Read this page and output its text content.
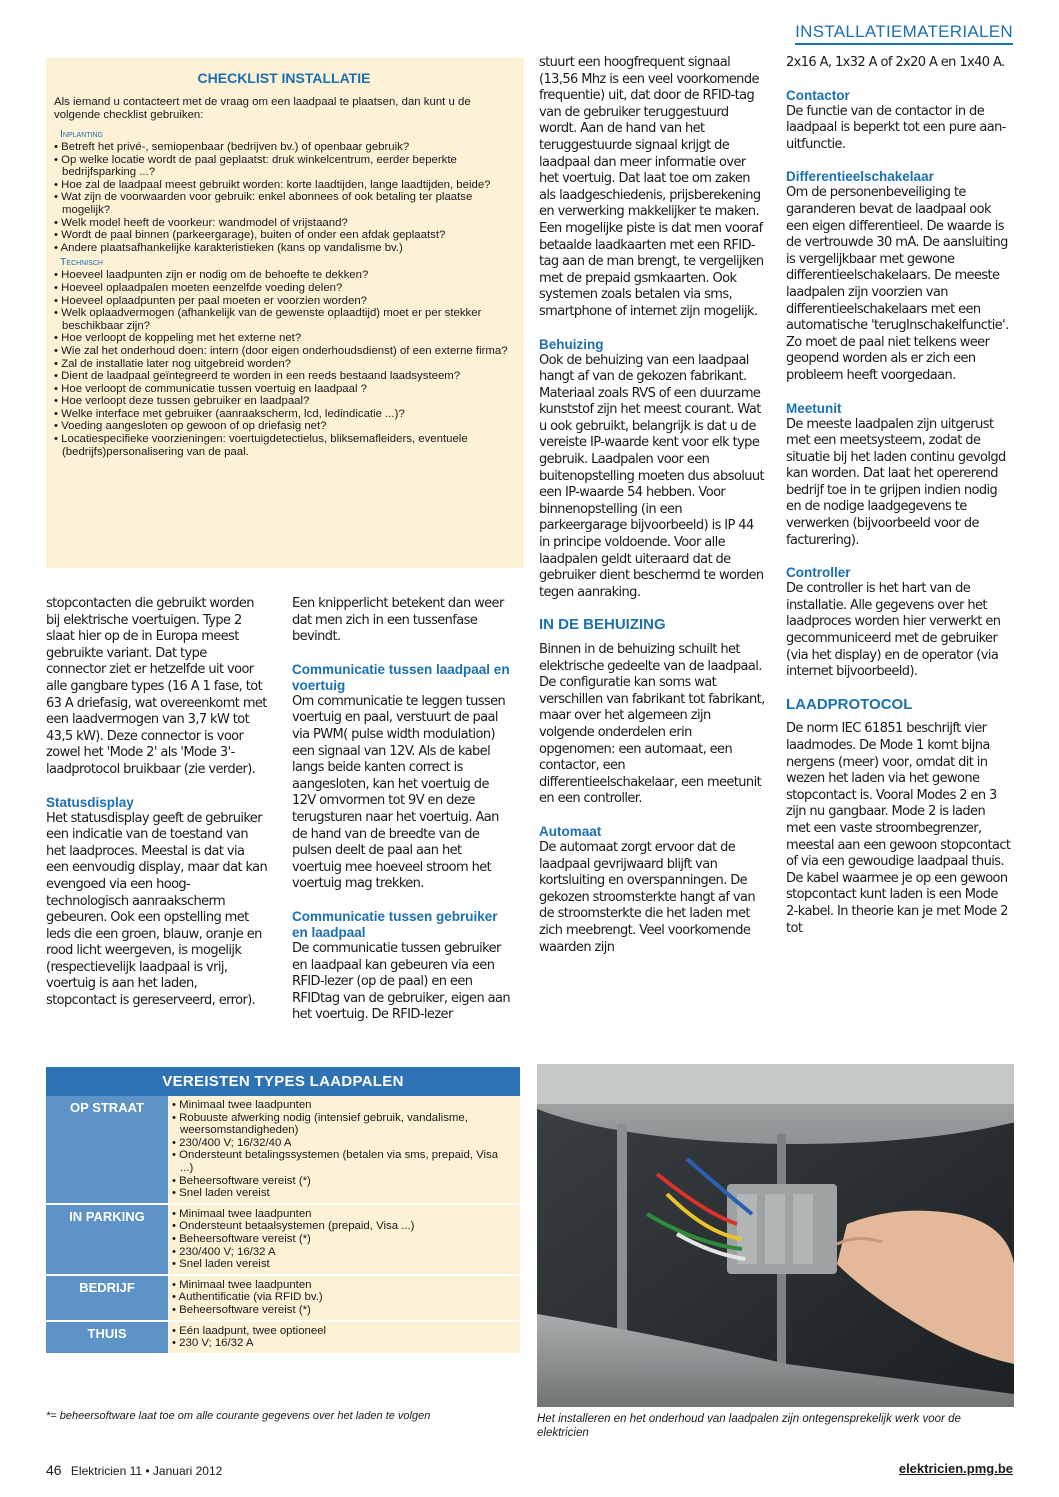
INSTALLATIEMATERIALEN
CHECKLIST INSTALLATIE
Als iemand u contacteert met de vraag om een laadpaal te plaatsen, dan kunt u de volgende checklist gebruiken:
Inplanting
• Betreft het privé-, semiopenbaar (bedrijven bv.) of openbaar gebruik?
• Op welke locatie wordt de paal geplaatst: druk winkelcentrum, eerder beperkte bedrijfsparking ...?
• Hoe zal de laadpaal meest gebruikt worden: korte laadtijden, lange laadtijden, beide?
• Wat zijn de voorwaarden voor gebruik: enkel abonnees of ook betaling ter plaatse mogelijk?
• Welk model heeft de voorkeur: wandmodel of vrijstaand?
• Wordt de paal binnen (parkeergarage), buiten of onder een afdak geplaatst?
• Andere plaatsafhankelijke karakteristieken (kans op vandalisme bv.)
Technisch
• Hoeveel laadpunten zijn er nodig om de behoefte te dekken?
• Hoeveel oplaadpalen moeten eenzelfde voeding delen?
• Hoeveel oplaadpunten per paal moeten er voorzien worden?
• Welk oplaadvermogen (afhankelijk van de gewenste oplaadtijd) moet er per stekker beschikbaar zijn?
• Hoe verloopt de koppeling met het externe net?
• Wie zal het onderhoud doen: intern (door eigen onderhoudsdienst) of een externe firma?
• Zal de installatie later nog uitgebreid worden?
• Dient de laadpaal geïntegreerd te worden in een reeds bestaand laadsysteem?
• Hoe verloopt de communicatie tussen voertuig en laadpaal ?
• Hoe verloopt deze tussen gebruiker en laadpaal?
• Welke interface met gebruiker (aanraakscherm, lcd, ledindicatie ...)?
• Voeding aangesloten op gewoon of op driefasig net?
• Locatiespecifieke voorzieningen: voertuigdetectielus, bliksemafleiders, eventuele (bedrijfs)personalisering van de paal.

stopcontacten die gebruikt worden bij elektrische voertuigen. Type 2 slaat hier op de in Europa meest gebruikte variant. Dat type connector ziet er hetzelfde uit voor alle gangbare types (16 A 1 fase, tot 63 A driefasig, wat overeenkomt met een laadvermogen van 3,7 kW tot 43,5 kW). Deze connector is voor zowel het 'Mode 2' als 'Mode 3'-laadprotocol bruikbaar (zie verder).

Statusdisplay

Het statusdisplay geeft de gebruiker een indicatie van de toestand van het laadproces. Meestal is dat via een eenvoudig display, maar dat kan evengoed via een hoog-technologisch aanraakscherm gebeuren. Ook een opstelling met leds die een groen, blauw, oranje en rood licht weergeven, is mogelijk (respectievelijk laadpaal is vrij, voertuig is aan het laden, stopcontact is gereserveerd, error).

Een knipperlicht betekent dan weer dat men zich in een tussenfase bevindt.

Communicatie tussen laadpaal en voertuig

Om communicatie te leggen tussen voertuig en paal, verstuurt de paal via PWM( pulse width modulation) een signaal van 12V. Als de kabel langs beide kanten correct is aangesloten, kan het voertuig de 12V omvormen tot 9V en deze terugsturen naar het voertuig. Aan de hand van de breedte van de pulsen deelt de paal aan het voertuig mee hoeveel stroom het voertuig mag trekken.

Communicatie tussen gebruiker en laadpaal

De communicatie tussen gebruiker en laadpaal kan gebeuren via een RFID-lezer (op de paal) en een RFIDtag van de gebruiker, eigen aan het voertuig. De RFID-lezer

stuurt een hoogfrequent signaal (13,56 Mhz is een veel voorkomende frequentie) uit, dat door de RFID-tag van de gebruiker teruggestuurd wordt. Aan de hand van het teruggestuurde signaal krijgt de laadpaal dan meer informatie over het voertuig. Dat laat toe om zaken als laadgeschiedenis, prijsberekening en verwerking makkelijker te maken. Een mogelijke piste is dat men vooraf betaalde laadkaarten met een RFID-tag aan de man brengt, te vergelijken met de prepaid gsmkaarten. Ook systemen zoals betalen via sms, smartphone of internet zijn mogelijk.

Behuizing

Ook de behuizing van een laadpaal hangt af van de gekozen fabrikant. Materiaal zoals RVS of een duurzame kunststof zijn het meest courant. Wat u ook gebruikt, belangrijk is dat u de vereiste IP-waarde kent voor elk type gebruik. Laadpalen voor een buitenopstelling moeten dus absoluut een IP-waarde 54 hebben. Voor binnenopstelling (in een parkeergarage bijvoorbeeld) is IP 44 in principe voldoende. Voor alle laadpalen geldt uiteraard dat de gebruiker dient beschermd te worden tegen aanraking.

IN DE BEHUIZING

Binnen in de behuizing schuilt het elektrische gedeelte van de laadpaal. De configuratie kan soms wat verschillen van fabrikant tot fabrikant, maar over het algemeen zijn volgende onderdelen erin opgenomen: een automaat, een contactor, een differentieelschakelaar, een meetunit en een controller.

Automaat

De automaat zorgt ervoor dat de laadpaal gevrijwaard blijft van kortsluiting en overspanningen. De gekozen stroomsterkte hangt af van de stroomsterkte die het laden met zich meebrengt. Veel voorkomende waarden zijn

2x16 A, 1x32 A of 2x20 A en 1x40 A.

Contactor

De functie van de contactor in de laadpaal is beperkt tot een pure aan-uitfunctie.

Differentieelschakelaar

Om de personenbeveiliging te garanderen bevat de laadpaal ook een eigen differentieel. De waarde is de vertrouwde 30 mA. De aansluiting is vergelijkbaar met gewone differentieelschakelaars. De meeste laadpalen zijn voorzien van differentieelschakelaars met een automatische 'terugInschakelfunctie'. Zo moet de paal niet telkens weer geopend worden als er zich een probleem heeft voorgedaan.

Meetunit

De meeste laadpalen zijn uitgerust met een meetsysteem, zodat de situatie bij het laden continu gevolgd kan worden. Dat laat het opererend bedrijf toe in te grijpen indien nodig en de nodige laadgegevens te verwerken (bijvoorbeeld voor de facturering).

Controller

De controller is het hart van de installatie. Alle gegevens over het laadproces worden hier verwerkt en gecommuniceerd met de gebruiker (via het display) en de operator (via internet bijvoorbeeld).

LAADPROTOCOL

De norm IEC 61851 beschrijft vier laadmodes. De Mode 1 komt bijna nergens (meer) voor, omdat dit in wezen het laden via het gewone stopcontact is. Vooral Modes 2 en 3 zijn nu gangbaar. Mode 2 is laden met een vaste stroombegrenzer, meestal aan een gewoon stopcontact of via een gewoudige laadpaal thuis. De kabel waarmee je op een gewoon stopcontact kunt laden is een Mode 2-kabel. In theorie kan je met Mode 2 tot

VEREISTEN TYPES LAADPALEN
OP STRAAT	• Minimaal twee laadpunten
• Robuuste afwerking nodig (intensief gebruik, vandalisme, weersomstandigheden)
• 230/400 V; 16/32/40 A
• Ondersteunt betalingssystemen (betalen via sms, prepaid, Visa ...)
• Beheersoftware vereist (*)
• Snel laden vereist
IN PARKING	• Minimaal twee laadpunten
• Ondersteunt betaalsystemen (prepaid, Visa ...)
• Beheersoftware vereist (*)
• 230/400 V; 16/32 A
• Snel laden vereist
BEDRIJF	• Minimaal twee laadpunten
• Authentificatie (via RFID bv.)
• Beheersoftware vereist (*)
THUIS	• Eén laadpunt, twee optioneel
• 230 V; 16/32 A
*= beheersoftware laat toe om alle courante gegevens over het laden te volgen	Het installeren en het onderhoud van laadpalen zijn ontegensprekelijk werk voor de elektricien
46 Elektricien 11 • Januari 2012	elektricien.pmg.be
